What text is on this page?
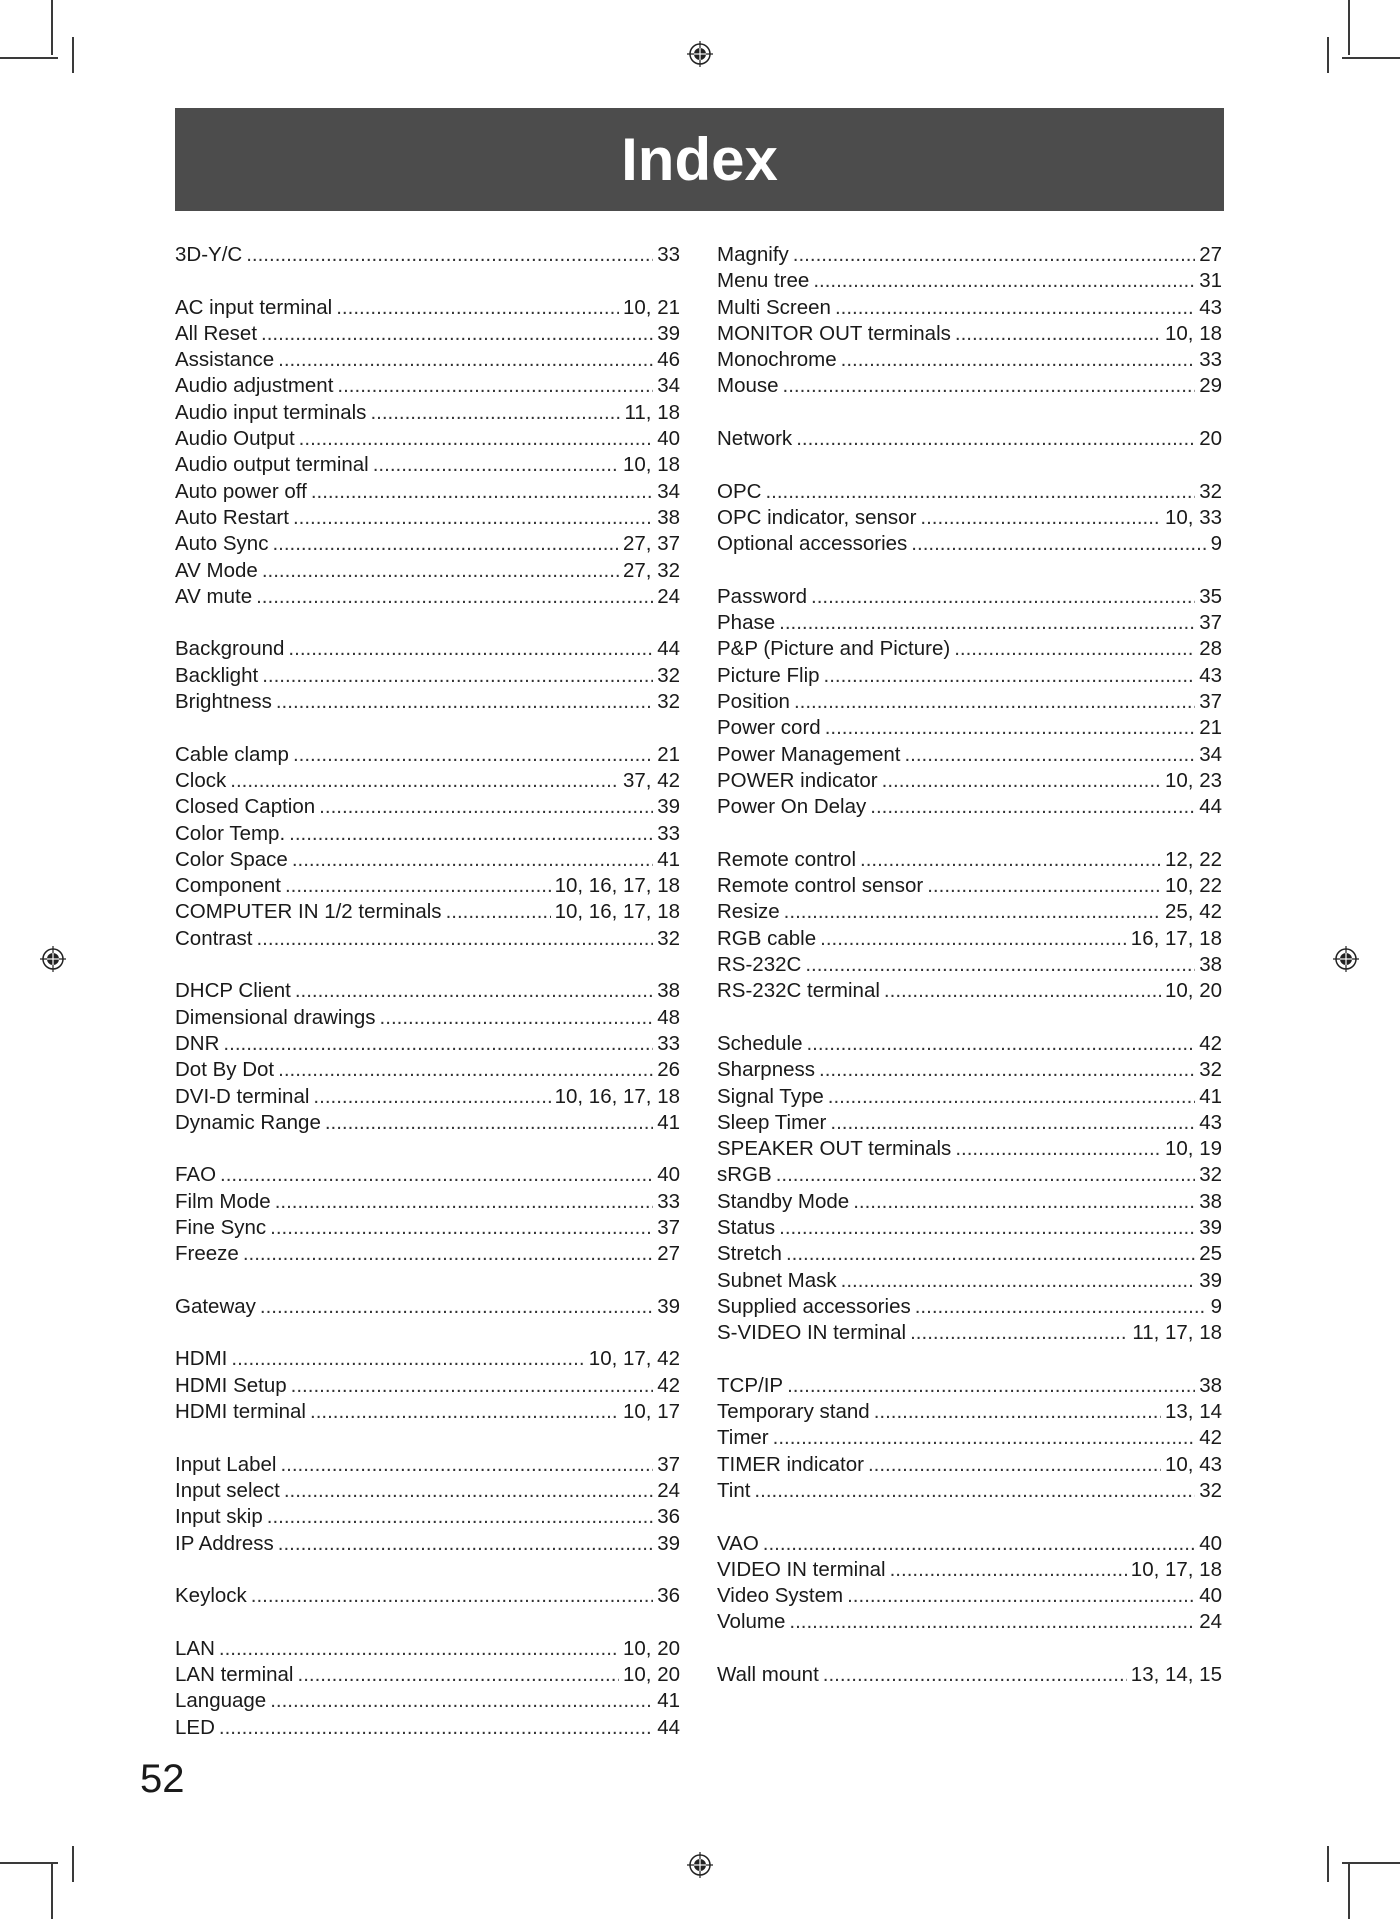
Index
3D-Y/C .....	33
AC input terminal .....	10, 21
All Reset .....	39
Assistance .....	46
Audio adjustment .....	34
Audio input terminals .....	11, 18
Audio Output .....	40
Audio output terminal .....	10, 18
Auto power off .....	34
Auto Restart .....	38
Auto Sync .....	27, 37
AV Mode .....	27, 32
AV mute .....	24
Background .....	44
Backlight .....	32
Brightness .....	32
Cable clamp .....	21
Clock .....	37, 42
Closed Caption .....	39
Color Temp. .....	33
Color Space .....	41
Component .....	10, 16, 17, 18
COMPUTER IN 1/2 terminals .....	10, 16, 17, 18
Contrast .....	32
DHCP Client .....	38
Dimensional drawings .....	48
DNR .....	33
Dot By Dot .....	26
DVI-D terminal .....	10, 16, 17, 18
Dynamic Range .....	41
FAO .....	40
Film Mode .....	33
Fine Sync .....	37
Freeze .....	27
Gateway .....	39
HDMI .....	10, 17, 42
HDMI Setup .....	42
HDMI terminal .....	10, 17
Input Label .....	37
Input select .....	24
Input skip .....	36
IP Address .....	39
Keylock .....	36
LAN .....	10, 20
LAN terminal .....	10, 20
Language .....	41
LED .....	44
Magnify .....	27
Menu tree .....	31
Multi Screen .....	43
MONITOR OUT terminals .....	10, 18
Monochrome .....	33
Mouse .....	29
Network .....	20
OPC .....	32
OPC indicator, sensor .....	10, 33
Optional accessories .....	9
Password .....	35
Phase .....	37
P&P (Picture and Picture) .....	28
Picture Flip .....	43
Position .....	37
Power cord .....	21
Power Management .....	34
POWER indicator .....	10, 23
Power On Delay .....	44
Remote control .....	12, 22
Remote control sensor .....	10, 22
Resize .....	25, 42
RGB cable .....	16, 17, 18
RS-232C .....	38
RS-232C terminal .....	10, 20
Schedule .....	42
Sharpness .....	32
Signal Type .....	41
Sleep Timer .....	43
SPEAKER OUT terminals .....	10, 19
sRGB .....	32
Standby Mode .....	38
Status .....	39
Stretch .....	25
Subnet Mask .....	39
Supplied accessories .....	9
S-VIDEO IN terminal .....	11, 17, 18
TCP/IP .....	38
Temporary stand .....	13, 14
Timer .....	42
TIMER indicator .....	10, 43
Tint .....	32
VAO .....	40
VIDEO IN terminal .....	10, 17, 18
Video System .....	40
Volume .....	24
Wall mount .....	13, 14, 15
52
